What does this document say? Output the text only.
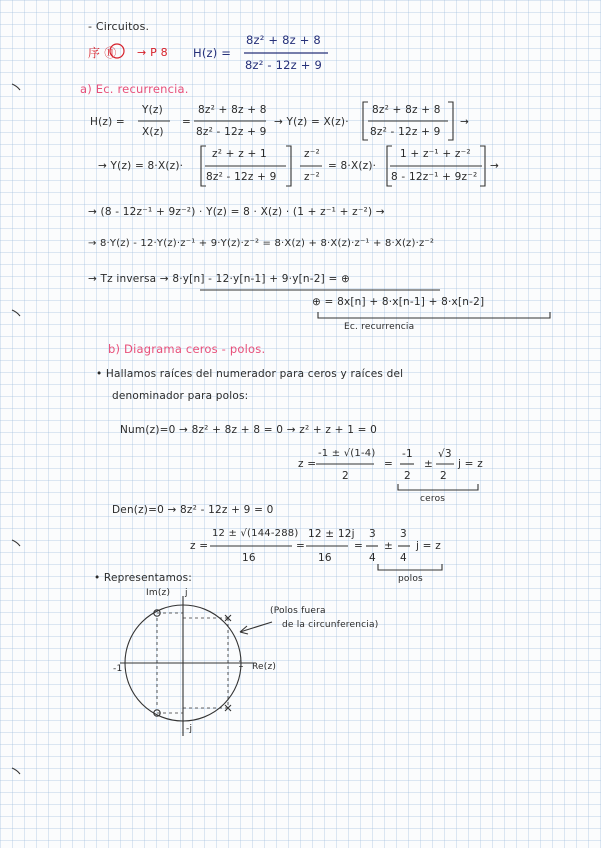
- Circuitos.
序 ⑪ → P 8 H(z) =
8z² + 8z + 8
8z² - 12z + 9
a) Ec. recurrencia.
H(z) =
Y(z)
X(z)
=
8z² + 8z + 8
8z² - 12z + 9
→ Y(z) = X(z)·
8z² + 8z + 8
8z² - 12z + 9
→
→ Y(z) = 8·X(z)·
z² + z + 1
8z² - 12z + 9
z⁻²
z⁻²
= 8·X(z)·
1 + z⁻¹ + z⁻²
8 - 12z⁻¹ + 9z⁻²
→
→ (8 - 12z⁻¹ + 9z⁻²) · Y(z) = 8 · X(z) · (1 + z⁻¹ + z⁻²) →
→ 8·Y(z) - 12·Y(z)·z⁻¹ + 9·Y(z)·z⁻² = 8·X(z) + 8·X(z)·z⁻¹ + 8·X(z)·z⁻²
→ Tz inversa → 8·y[n] - 12·y[n-1] + 9·y[n-2] = ⊕
⊕ = 8x[n] + 8·x[n-1] + 8·x[n-2]
Ec. recurrencia
b) Diagrama ceros - polos.
• Hallamos raíces del numerador para ceros y raíces del
denominador para polos:
Num(z)=0 → 8z² + 8z + 8 = 0 → z² + z + 1 = 0
z =
-1 ± √(1-4)
2
=
-1
2
±
√3
2
j = z
ceros
Den(z)=0 → 8z² - 12z + 9 = 0
z =
12 ± √(144-288)
16
=
12 ± 12j
16
=
3
4
±
3
4
j = z
polos
• Representamos:
Im(z) j
-j
Re(z)
1
-1
(Polos fuera
de la circunferencia)
